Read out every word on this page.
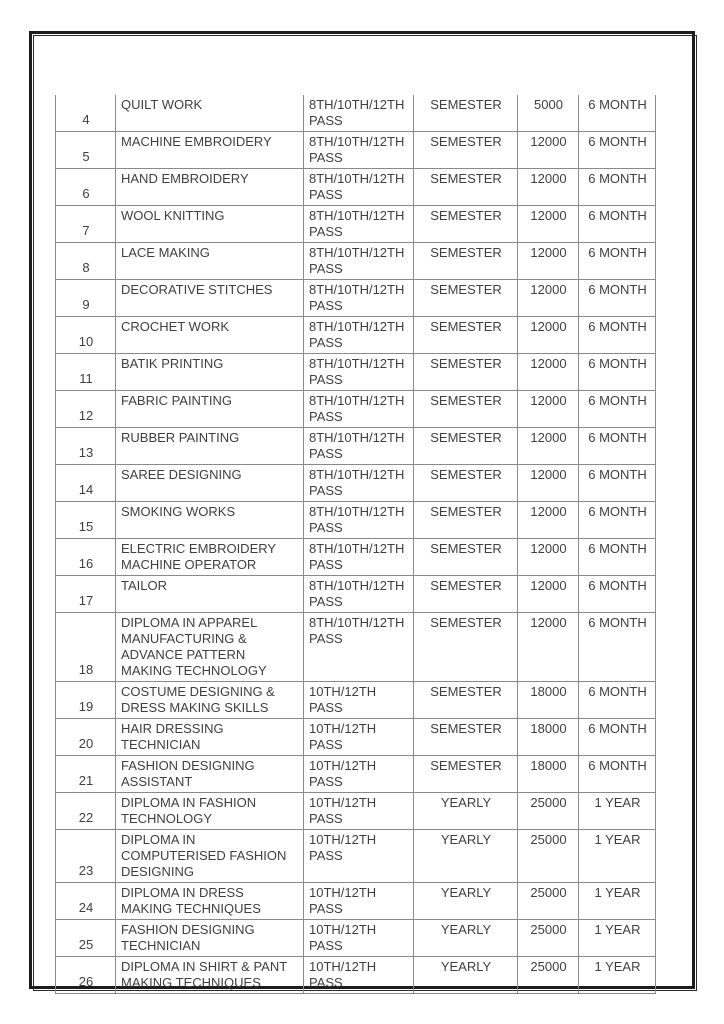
4	QUILT WORK	8TH/10TH/12TH PASS	SEMESTER	5000	6 MONTH
5	MACHINE EMBROIDERY	8TH/10TH/12TH PASS	SEMESTER	12000	6 MONTH
6	HAND EMBROIDERY	8TH/10TH/12TH PASS	SEMESTER	12000	6 MONTH
7	WOOL KNITTING	8TH/10TH/12TH PASS	SEMESTER	12000	6 MONTH
8	LACE MAKING	8TH/10TH/12TH PASS	SEMESTER	12000	6 MONTH
9	DECORATIVE STITCHES	8TH/10TH/12TH PASS	SEMESTER	12000	6 MONTH
10	CROCHET WORK	8TH/10TH/12TH PASS	SEMESTER	12000	6 MONTH
11	BATIK PRINTING	8TH/10TH/12TH PASS	SEMESTER	12000	6 MONTH
12	FABRIC PAINTING	8TH/10TH/12TH PASS	SEMESTER	12000	6 MONTH
13	RUBBER PAINTING	8TH/10TH/12TH PASS	SEMESTER	12000	6 MONTH
14	SAREE DESIGNING	8TH/10TH/12TH PASS	SEMESTER	12000	6 MONTH
15	SMOKING WORKS	8TH/10TH/12TH PASS	SEMESTER	12000	6 MONTH
16	ELECTRIC EMBROIDERY MACHINE OPERATOR	8TH/10TH/12TH PASS	SEMESTER	12000	6 MONTH
17	TAILOR	8TH/10TH/12TH PASS	SEMESTER	12000	6 MONTH
18	DIPLOMA IN APPAREL MANUFACTURING & ADVANCE PATTERN MAKING TECHNOLOGY	8TH/10TH/12TH PASS	SEMESTER	12000	6 MONTH
19	COSTUME DESIGNING & DRESS MAKING SKILLS	10TH/12TH PASS	SEMESTER	18000	6 MONTH
20	HAIR DRESSING TECHNICIAN	10TH/12TH PASS	SEMESTER	18000	6 MONTH
21	FASHION DESIGNING ASSISTANT	10TH/12TH PASS	SEMESTER	18000	6 MONTH
22	DIPLOMA IN FASHION TECHNOLOGY	10TH/12TH PASS	YEARLY	25000	1 YEAR
23	DIPLOMA IN COMPUTERISED FASHION DESIGNING	10TH/12TH PASS	YEARLY	25000	1 YEAR
24	DIPLOMA IN DRESS MAKING TECHNIQUES	10TH/12TH PASS	YEARLY	25000	1 YEAR
25	FASHION DESIGNING TECHNICIAN	10TH/12TH PASS	YEARLY	25000	1 YEAR
26	DIPLOMA IN SHIRT & PANT MAKING TECHNIQUES	10TH/12TH PASS	YEARLY	25000	1 YEAR
